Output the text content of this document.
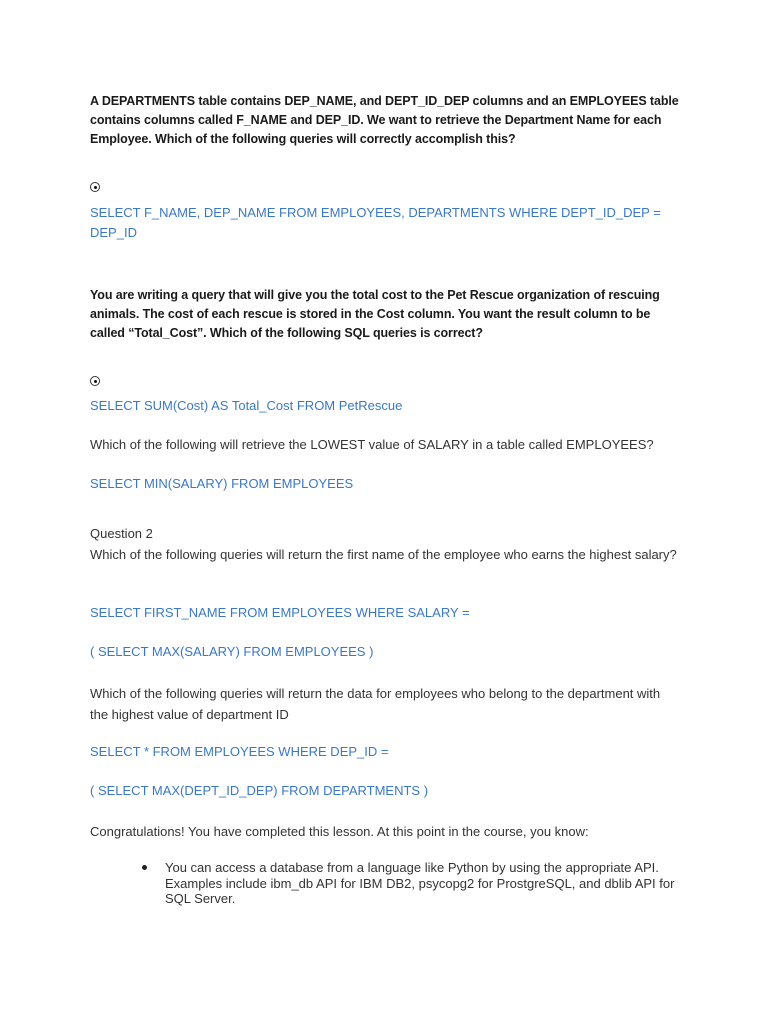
A DEPARTMENTS table contains DEP_NAME, and DEPT_ID_DEP columns and an EMPLOYEES table contains columns called F_NAME and DEP_ID. We want to retrieve the Department Name for each Employee. Which of the following queries will correctly accomplish this?

SELECT F_NAME, DEP_NAME FROM EMPLOYEES, DEPARTMENTS WHERE DEPT_ID_DEP = DEP_ID

You are writing a query that will give you the total cost to the Pet Rescue organization of rescuing animals. The cost of each rescue is stored in the Cost column. You want the result column to be called “Total_Cost”. Which of the following SQL queries is correct?

SELECT SUM(Cost) AS Total_Cost FROM PetRescue

Which of the following will retrieve the LOWEST value of SALARY in a table called EMPLOYEES?

SELECT MIN(SALARY) FROM EMPLOYEES

Question 2

Which of the following queries will return the first name of the employee who earns the highest salary?

SELECT FIRST_NAME FROM EMPLOYEES WHERE SALARY =

( SELECT MAX(SALARY) FROM EMPLOYEES )

Which of the following queries will return the data for employees who belong to the department with the highest value of department ID

SELECT * FROM EMPLOYEES WHERE DEP_ID =

( SELECT MAX(DEPT_ID_DEP) FROM DEPARTMENTS )

Congratulations! You have completed this lesson. At this point in the course, you know:

You can access a database from a language like Python by using the appropriate API. Examples include ibm_db API for IBM DB2, psycopg2 for ProstgreSQL, and dblib API for SQL Server.
